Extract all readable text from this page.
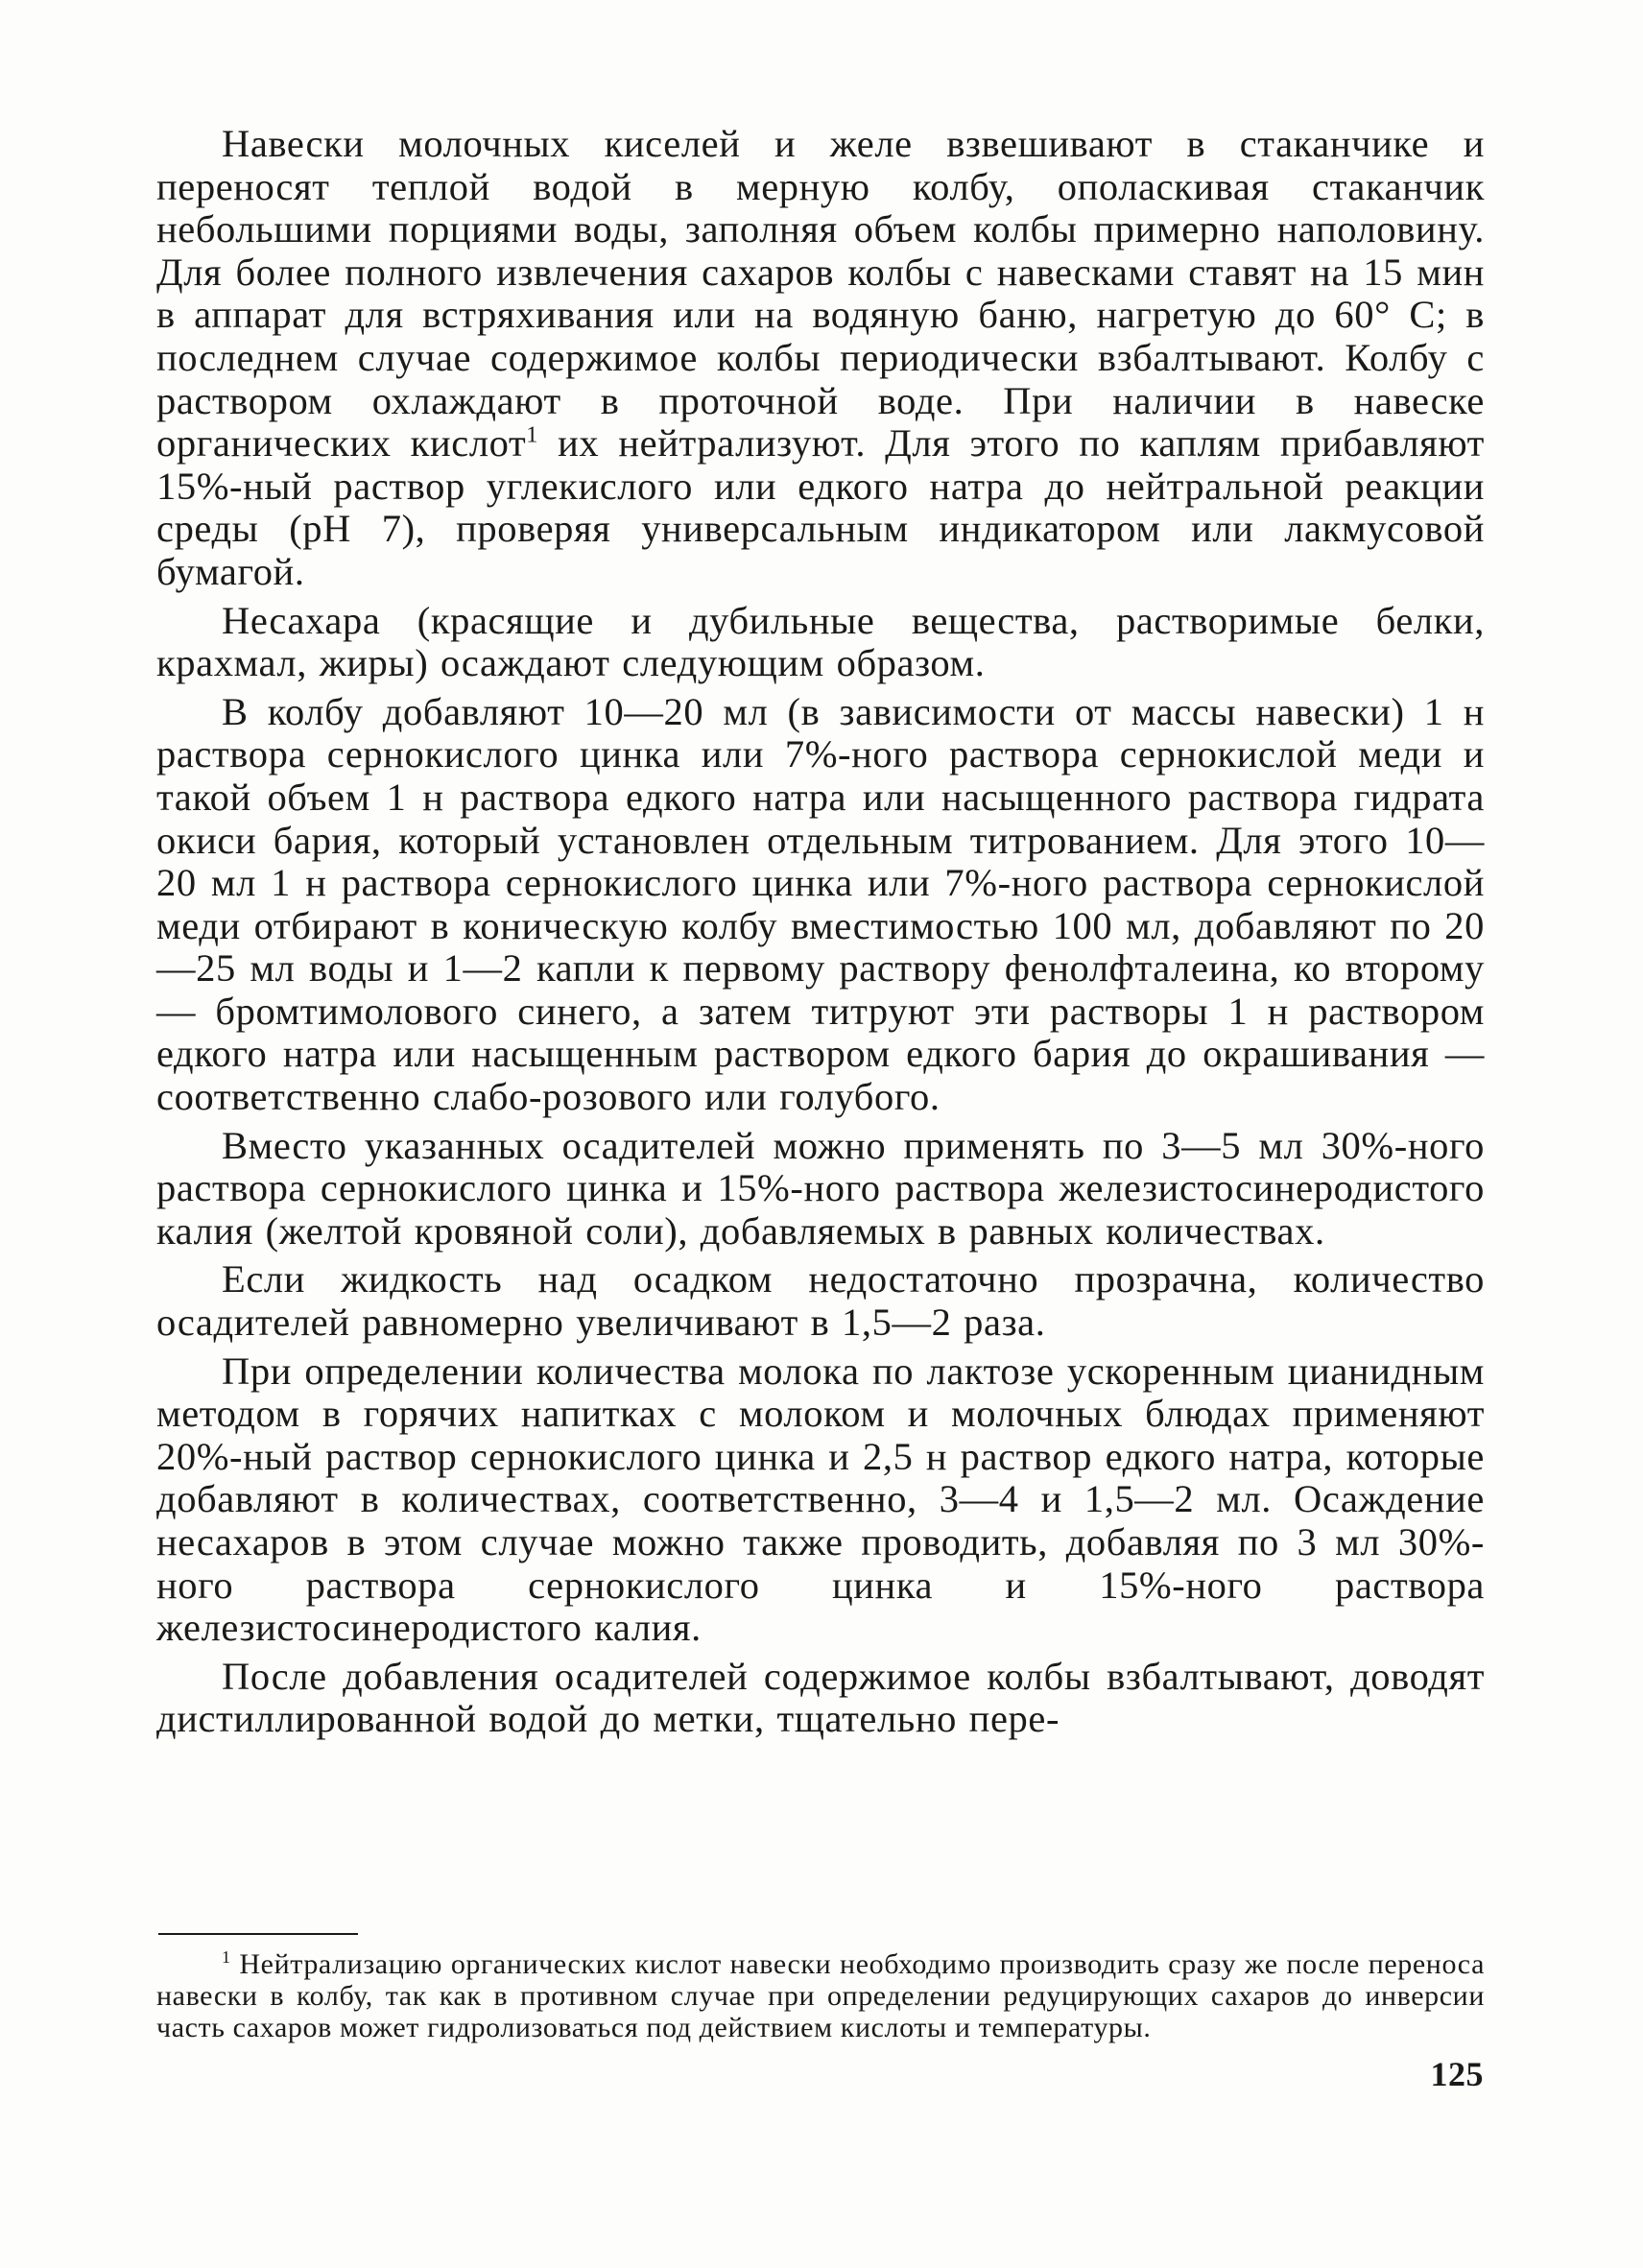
Навески молочных киселей и желе взвешивают в стаканчике и переносят теплой водой в мерную колбу, ополаскивая стаканчик небольшими порциями воды, заполняя объем колбы примерно наполовину. Для более полного извлечения сахаров колбы с навесками ставят на 15 мин в аппарат для встряхивания или на водяную баню, нагретую до 60° С; в последнем случае содержимое колбы периодически взбалтывают. Колбу с раствором охлаждают в проточной воде. При наличии в навеске органических кислот$^1$ их нейтрализуют. Для этого по каплям прибавляют 15%-ный раствор углекислого или едкого натра до нейтральной реакции среды (pH 7), проверяя универсальным индикатором или лакмусовой бумагой.

Несахара (красящие и дубильные вещества, растворимые белки, крахмал, жиры) осаждают следующим образом.

В колбу добавляют 10—20 мл (в зависимости от массы навески) 1 н раствора сернокислого цинка или 7%-ного раствора сернокислой меди и такой объем 1 н раствора едкого натра или насыщенного раствора гидрата окиси бария, который установлен отдельным титрованием. Для этого 10—20 мл 1 н раствора сернокислого цинка или 7%-ного раствора сернокислой меди отбирают в коническую колбу вместимостью 100 мл, добавляют по 20—25 мл воды и 1—2 капли к первому раствору фенолфталеина, ко второму — бромтимолового синего, а затем титруют эти растворы 1 н раствором едкого натра или насыщенным раствором едкого бария до окрашивания — соответственно слабо-розового или голубого.

Вместо указанных осадителей можно применять по 3—5 мл 30%-ного раствора сернокислого цинка и 15%-ного раствора железистосинеродистого калия (желтой кровяной соли), добавляемых в равных количествах.

Если жидкость над осадком недостаточно прозрачна, количество осадителей равномерно увеличивают в 1,5—2 раза.

При определении количества молока по лактозе ускоренным цианидным методом в горячих напитках с молоком и молочных блюдах применяют 20%-ный раствор сернокислого цинка и 2,5 н раствор едкого натра, которые добавляют в количествах, соответственно, 3—4 и 1,5—2 мл. Осаждение несахаров в этом случае можно также проводить, добавляя по 3 мл 30%-ного раствора сернокислого цинка и 15%-ного раствора железистосинеродистого калия.

После добавления осадителей содержимое колбы взбалтывают, доводят дистиллированной водой до метки, тщательно пере-

$^1$ Нейтрализацию органических кислот навески необходимо производить сразу же после переноса навески в колбу, так как в противном случае при определении редуцирующих сахаров до инверсии часть сахаров может гидролизоваться под действием кислоты и температуры.

125
